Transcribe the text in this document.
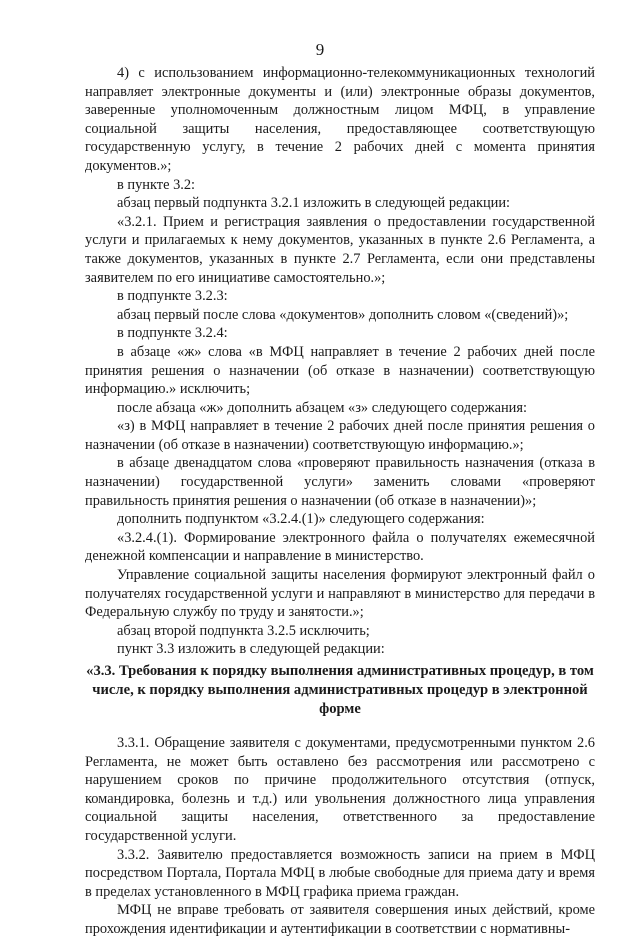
9

4) с использованием информационно-телекоммуникационных технологий направляет электронные документы и (или) электронные образы документов, заверенные уполномоченным должностным лицом МФЦ, в управление социальной защиты населения, предоставляющее соответствующую государственную услугу, в течение 2 рабочих дней с момента принятия документов.»;

в пункте 3.2:

абзац первый подпункта 3.2.1 изложить в следующей редакции:

«3.2.1. Прием и регистрация заявления о предоставлении государственной услуги и прилагаемых к нему документов, указанных в пункте 2.6 Регламента, а также документов, указанных в пункте 2.7 Регламента, если они представлены заявителем по его инициативе самостоятельно.»;

в подпункте 3.2.3:

абзац первый после слова «документов» дополнить словом «(сведений)»;

в подпункте 3.2.4:

в абзаце «ж» слова «в МФЦ направляет в течение 2 рабочих дней после принятия решения о назначении (об отказе в назначении) соответствующую информацию.» исключить;

после абзаца «ж» дополнить абзацем «з» следующего содержания:

«з) в МФЦ направляет в течение 2 рабочих дней после принятия решения о назначении (об отказе в назначении) соответствующую информацию.»;

в абзаце двенадцатом слова «проверяют правильность назначения (отказа в назначении) государственной услуги» заменить словами «проверяют правильность принятия решения о назначении (об отказе в назначении)»;

дополнить подпунктом «3.2.4.(1)» следующего содержания:

«3.2.4.(1). Формирование электронного файла о получателях ежемесячной денежной компенсации и направление в министерство.

Управление социальной защиты населения формируют электронный файл о получателях государственной услуги и направляют в министерство для передачи в Федеральную службу по труду и занятости.»;

абзац второй подпункта 3.2.5 исключить;

пункт 3.3 изложить в следующей редакции:

«3.3. Требования к порядку выполнения административных процедур, в том числе, к порядку выполнения административных процедур в электронной форме

3.3.1. Обращение заявителя с документами, предусмотренными пунктом 2.6 Регламента, не может быть оставлено без рассмотрения или рассмотрено с нарушением сроков по причине продолжительного отсутствия (отпуск, командировка, болезнь и т.д.) или увольнения должностного лица управления социальной защиты населения, ответственного за предоставление государственной услуги.

3.3.2. Заявителю предоставляется возможность записи на прием в МФЦ посредством Портала, Портала МФЦ в любые свободные для приема дату и время в пределах установленного в МФЦ графика приема граждан.

МФЦ не вправе требовать от заявителя совершения иных действий, кроме прохождения идентификации и аутентификации в соответствии с нормативны-
